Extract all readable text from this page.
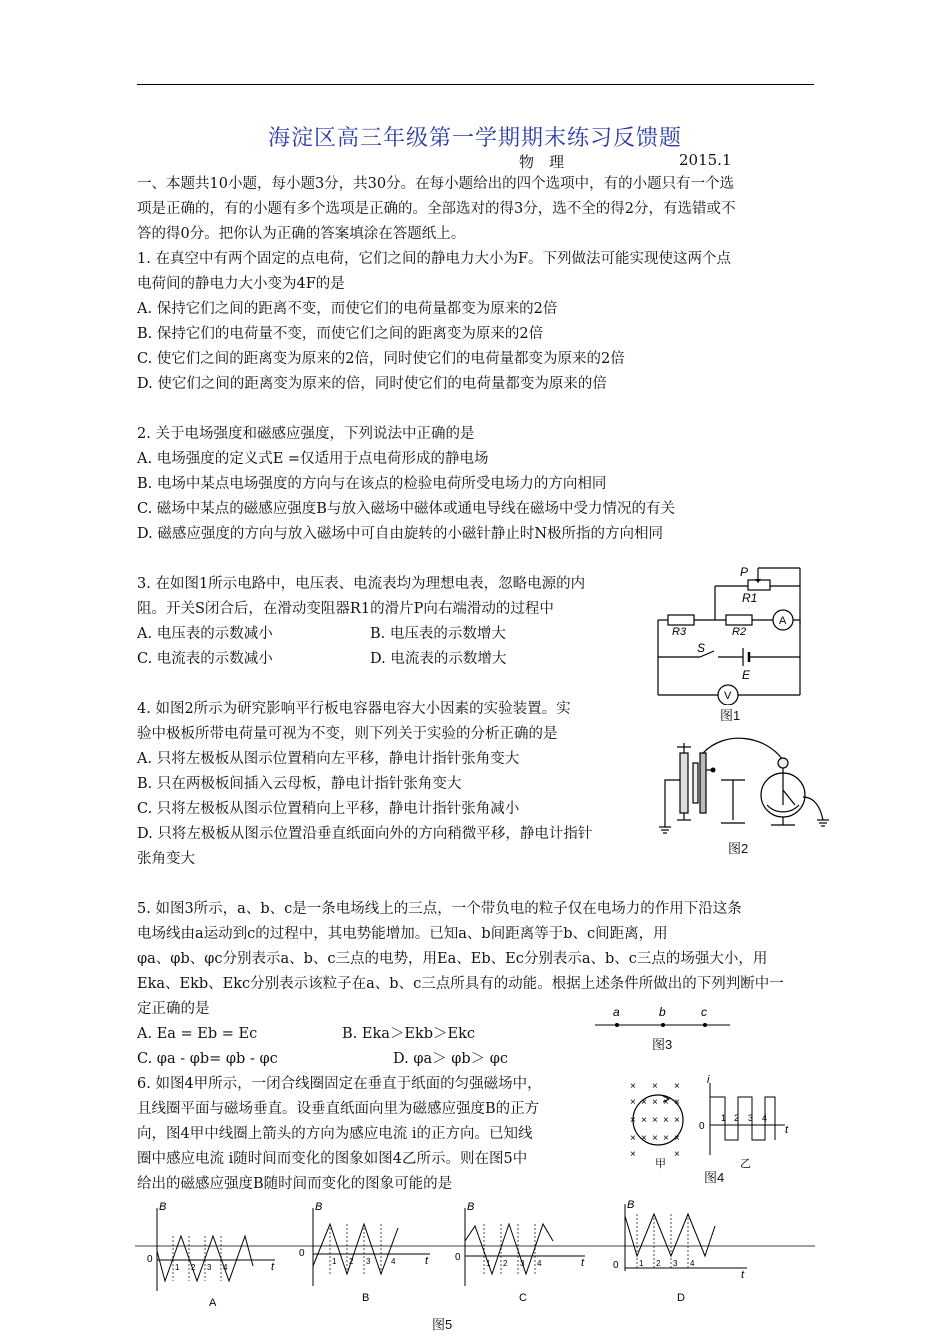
海淀区高三年级第一学期期末练习反馈题
物　理	2015.1
一、本题共10小题，每小题3分，共30分。在每小题给出的四个选项中，有的小题只有一个选
项是正确的，有的小题有多个选项是正确的。全部选对的得3分，选不全的得2分，有选错或不
答的得0分。把你认为正确的答案填涂在答题纸上。
1. 在真空中有两个固定的点电荷，它们之间的静电力大小为F。下列做法可能实现使这两个点
电荷间的静电力大小变为4F的是
A. 保持它们之间的距离不变，而使它们的电荷量都变为原来的2倍
B. 保持它们的电荷量不变，而使它们之间的距离变为原来的2倍
C. 使它们之间的距离变为原来的2倍，同时使它们的电荷量都变为原来的2倍
D. 使它们之间的距离变为原来的倍，同时使它们的电荷量都变为原来的倍
2. 关于电场强度和磁感应强度，下列说法中正确的是
A. 电场强度的定义式E =仅适用于点电荷形成的静电场
B. 电场中某点电场强度的方向与在该点的检验电荷所受电场力的方向相同
C. 磁场中某点的磁感应强度B与放入磁场中磁体或通电导线在磁场中受力情况的有关
D. 磁感应强度的方向与放入磁场中可自由旋转的小磁针静止时N极所指的方向相同
3. 在如图1所示电路中，电压表、电流表均为理想电表，忽略电源的内
阻。开关S闭合后，在滑动变阻器R1的滑片P向右端滑动的过程中
A. 电压表的示数减小	B. 电压表的示数增大
C. 电流表的示数减小	D. 电流表的示数增大
P
R1
A
R3	R2
S
E
V
图1
4. 如图2所示为研究影响平行板电容器电容大小因素的实验装置。实
验中极板所带电荷量可视为不变，则下列关于实验的分析正确的是
A. 只将左极板从图示位置稍向左平移，静电计指针张角变大
B. 只在两极板间插入云母板，静电计指针张角变大
C. 只将左极板从图示位置稍向上平移，静电计指针张角减小
D. 只将左极板从图示位置沿垂直纸面向外的方向稍微平移，静电计指针
张角变大
图2
5. 如图3所示，a、b、c是一条电场线上的三点，一个带负电的粒子仅在电场力的作用下沿这条
电场线由a运动到c的过程中，其电势能增加。已知a、b间距离等于b、c间距离，用
φa、φb、φc分别表示a、b、c三点的电势，用Ea、Eb、Ec分别表示a、b、c三点的场强大小，用
Eka、Ekb、Ekc分别表示该粒子在a、b、c三点所具有的动能。根据上述条件所做出的下列判断中一
定正确的是
A. Ea = Eb = Ec	B. Eka＞Ekb＞Ekc
C. φa - φb= φb - φc	D. φa＞ φb＞ φc
a	b	c
图3
6. 如图4甲所示，一闭合线圈固定在垂直于纸面的匀强磁场中，
且线圈平面与磁场垂直。设垂直纸面向里为磁感应强度B的正方
向，图4甲中线圈上箭头的方向为感应电流 i的正方向。已知线
圈中感应电流 i随时间而变化的图象如图4乙所示。则在图5中
给出的磁感应强度B随时间而变化的图象可能的是
× × × × ×
× × × × ×
× × × × ×
×	×
× × ×
甲
i
t
0
1 2 3 4
乙
图4
B
0
t
1 2 3 4
A
B
0
t
1 2 3	4
B
B
0	t
1 2 3 4
C
B
0
t
1 2 3 4
D
图5
